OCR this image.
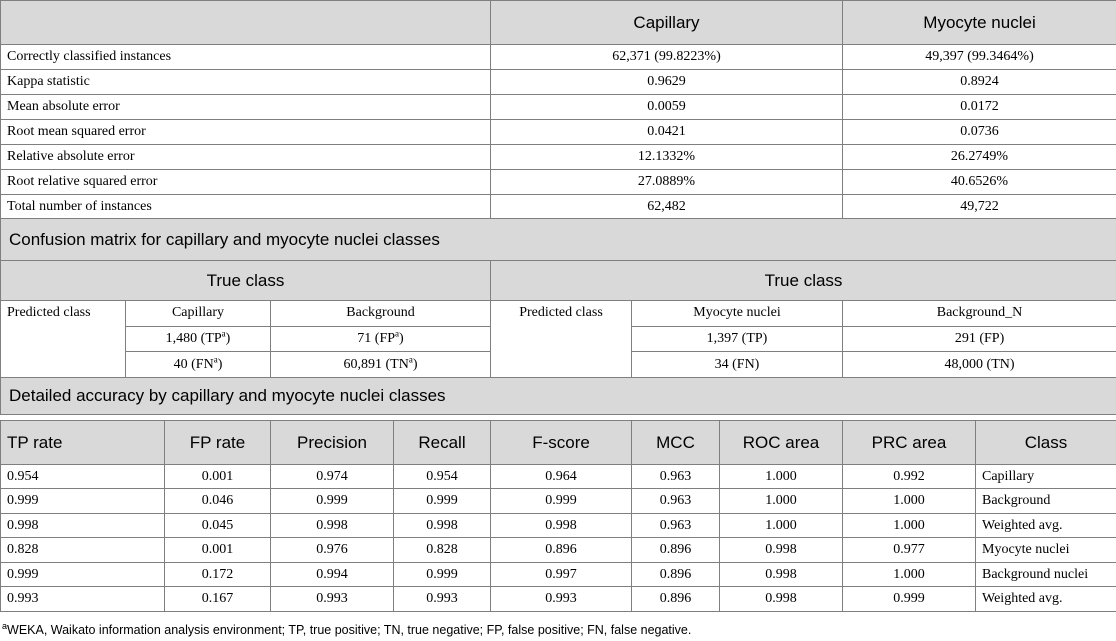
	Capillary	Myocyte nuclei
Correctly classified instances	62,371 (99.8223%)	49,397 (99.3464%)
Kappa statistic	0.9629	0.8924
Mean absolute error	0.0059	0.0172
Root mean squared error	0.0421	0.0736
Relative absolute error	12.1332%	26.2749%
Root relative squared error	27.0889%	40.6526%
Total number of instances	62,482	49,722
Confusion matrix for capillary and myocyte nuclei classes					
True class			True class		
Predicted class	Capillary	Background	Predicted class	Myocyte nuclei	Background_N
	1,480 $(TP^a)$	71 $(FP^a)$		1,397 (TP)	291 (FP)
	40 $(FN^a)$	60,891 $(TN^a)$		34 (FN)	48,000 (TN)
Detailed accuracy by capillary and myocyte nuclei classes					
TP rate	FP rate	Precision	Recall	F-score	MCC	ROC area	PRC area	Class
0.954	0.001	0.974	0.954	0.964	0.963	1.000	0.992	Capillary
0.999	0.046	0.999	0.999	0.999	0.963	1.000	1.000	Background
0.998	0.045	0.998	0.998	0.998	0.963	1.000	1.000	Weighted avg.
0.828	0.001	0.976	0.828	0.896	0.896	0.998	0.977	Myocyte nuclei
0.999	0.172	0.994	0.999	0.997	0.896	0.998	1.000	Background nuclei
0.993	0.167	0.993	0.993	0.993	0.896	0.998	0.999	Weighted avg.
$^a$WEKA, Waikato information analysis environment; TP, true positive; TN, true negative; FP, false positive; FN, false negative.
